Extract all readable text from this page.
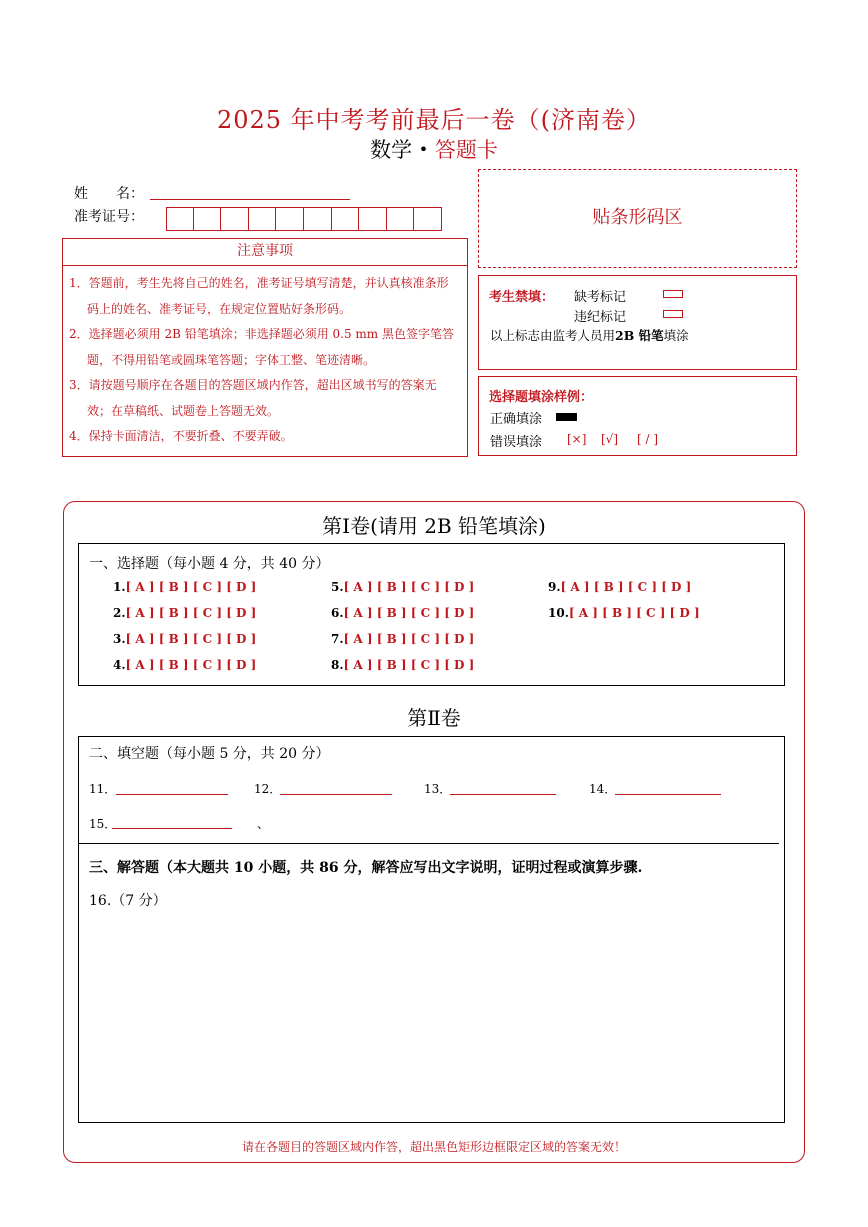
2025 年中考考前最后一卷（(济南卷）
数学 • 答题卡
姓　　名：
准考证号：
注意事项
1．答题前，考生先将自己的姓名，准考证号填写清楚，并认真核准条形码上的姓名、准考证号，在规定位置贴好条形码。
2．选择题必须用 2B 铅笔填涂；非选择题必须用 0.5 mm 黑色签字笔答题，不得用铅笔或圆珠笔答题；字体工整、笔迹清晰。
3．请按题号顺序在各题目的答题区域内作答，超出区域书写的答案无效；在草稿纸、试题卷上答题无效。
4．保持卡面清洁，不要折叠、不要弄破。
贴条形码区
考生禁填： 缺考标记
违纪标记
以上标志由监考人员用2B 铅笔填涂
选择题填涂样例：
正确填涂
错误填涂 [×] [√] [ / ]
第Ⅰ卷(请用 2B 铅笔填涂)
一、选择题（每小题 4 分，共 40 分）
1.[ A ] [ B ] [ C ] [ D ]
2.[ A ] [ B ] [ C ] [ D ]
3.[ A ] [ B ] [ C ] [ D ]
4.[ A ] [ B ] [ C ] [ D ]
5.[ A ] [ B ] [ C ] [ D ]
6.[ A ] [ B ] [ C ] [ D ]
7.[ A ] [ B ] [ C ] [ D ]
8.[ A ] [ B ] [ C ] [ D ]
9.[ A ] [ B ] [ C ] [ D ]
10.[ A ] [ B ] [ C ] [ D ]
第Ⅱ卷
二、填空题（每小题 5 分，共 20 分）
11．	12．	13．	14．
15．	、
三、解答题（本大题共 10 小题，共 86 分，解答应写出文字说明，证明过程或演算步骤.
16.（7 分）
请在各题目的答题区域内作答，超出黑色矩形边框限定区域的答案无效！
